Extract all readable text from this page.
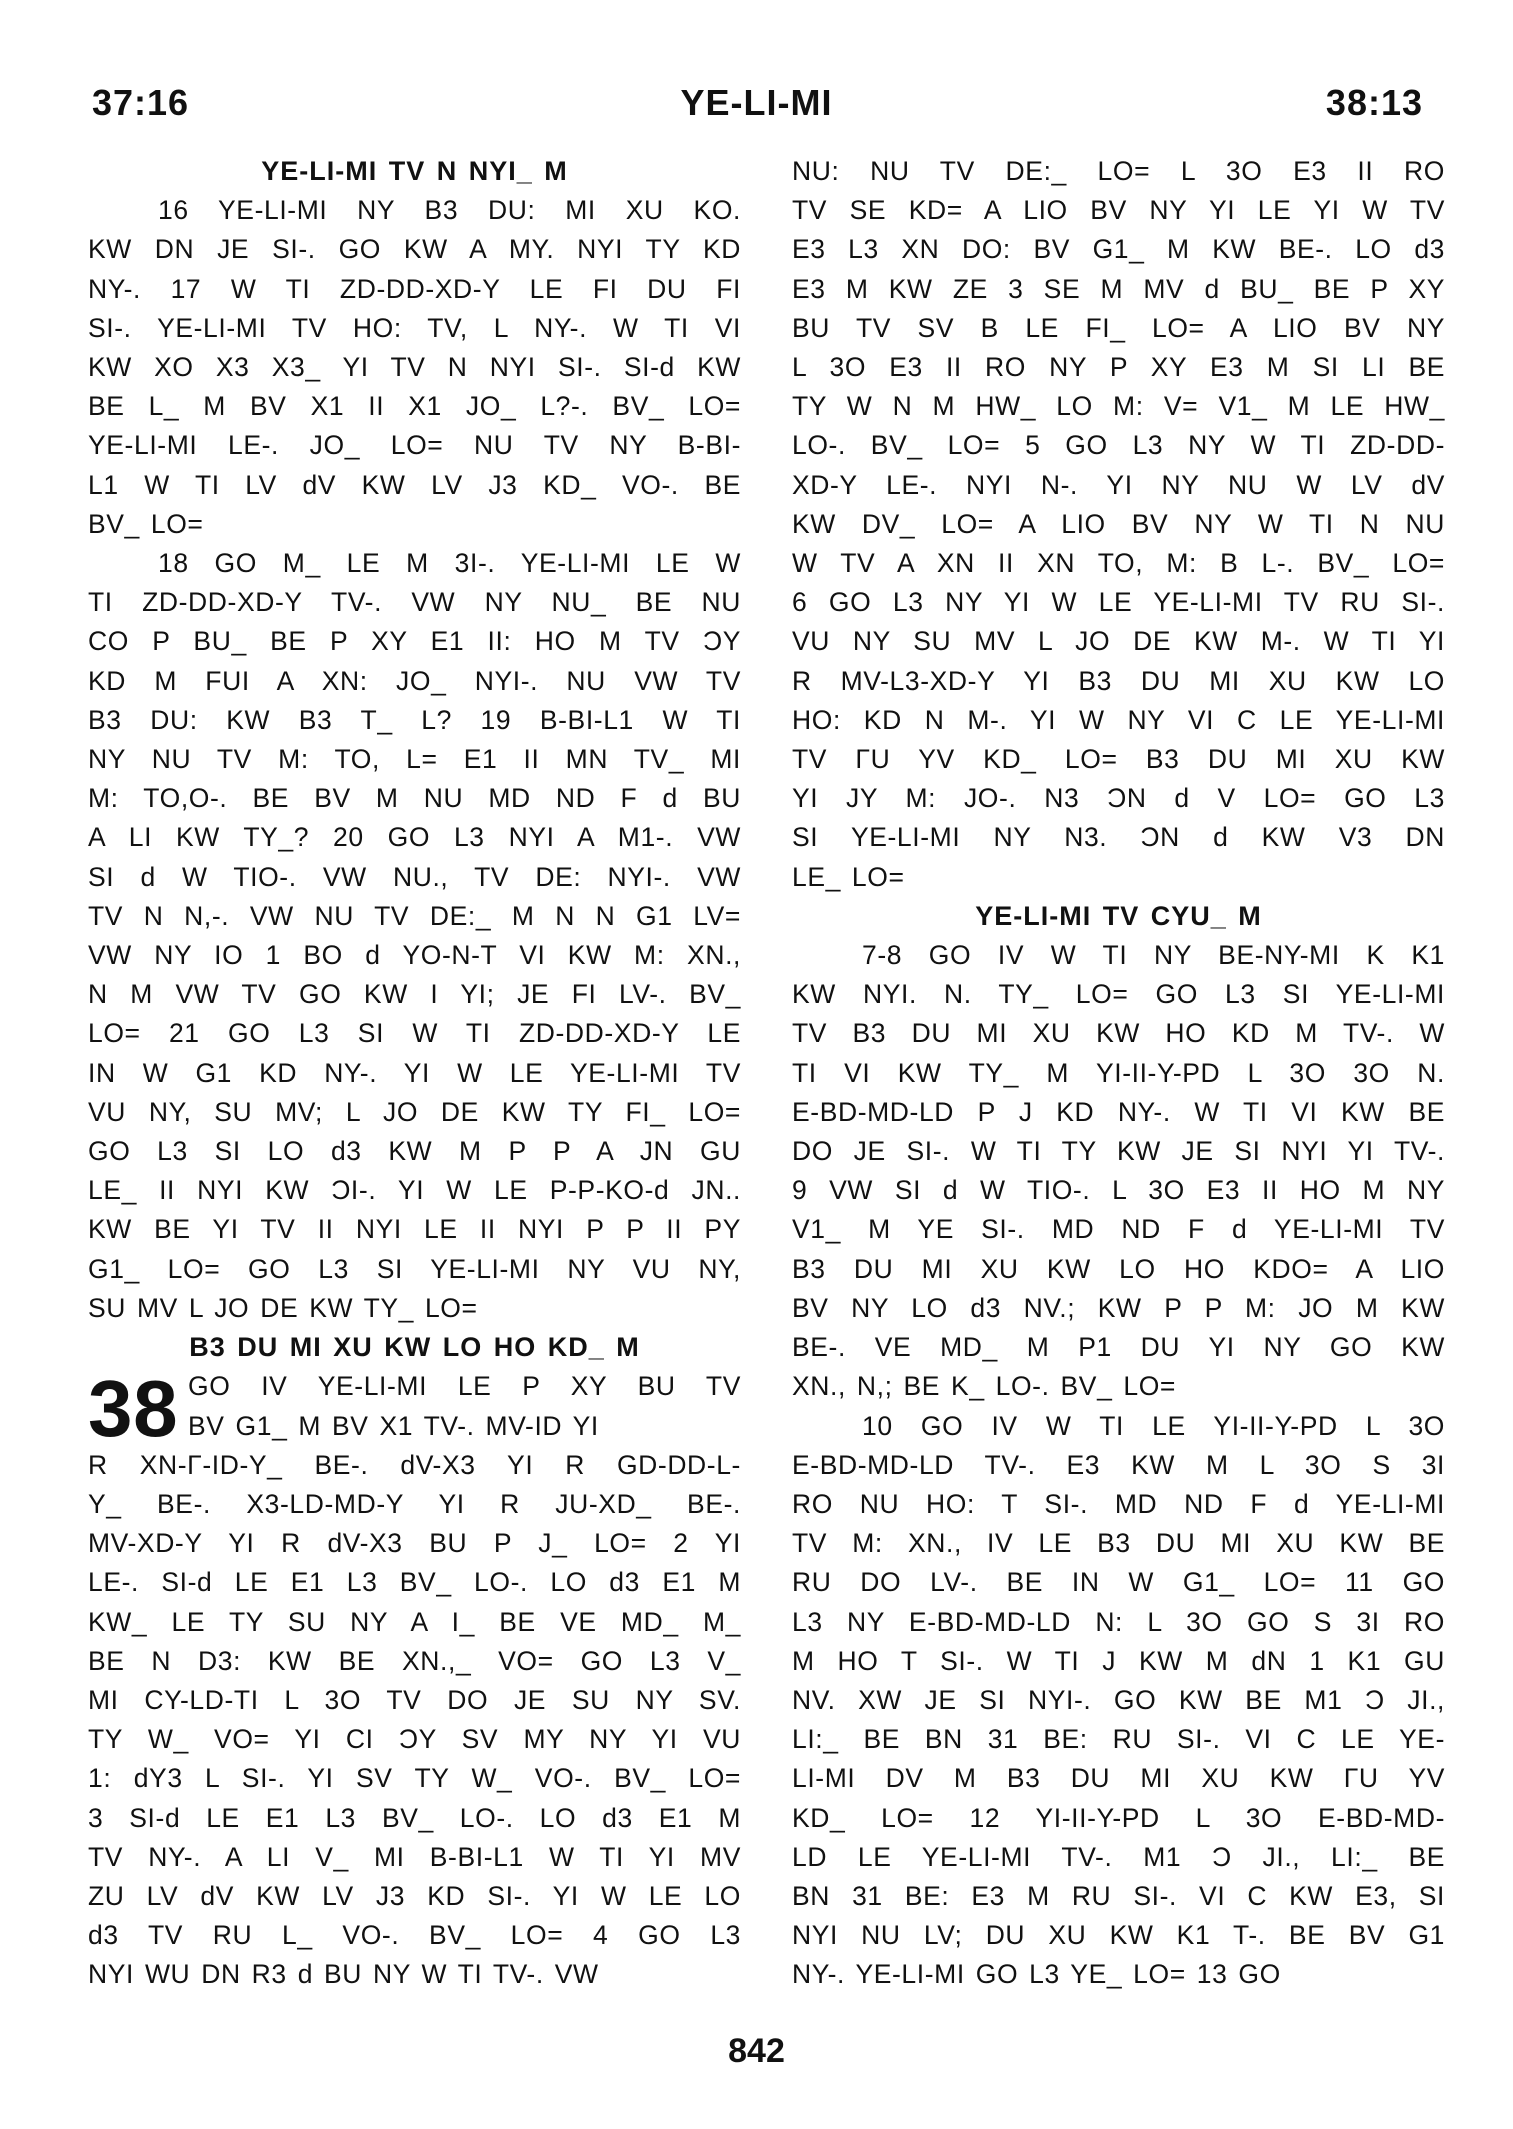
37:16	YE-LI-MI	38:13
YE-LI-MI TV N NYI_ M
16 YE-LI-MI NY B3 DU: MI XU KO.
KW DN JE SI-. GO KW A MY. NYI TY KD
NY-. 17 W TI ZD-DD-XD-Y LE FI DU FI
SI-. YE-LI-MI TV HO: TV, L NY-. W TI VI
KW XO X3 X3_ YI TV N NYI SI-. SI-d KW
BE L_ M BV X1 II X1 JO_ L?-. BV_ LO=
YE-LI-MI LE-. JO_ LO= NU TV NY B-BI-
L1 W TI LV dV KW LV J3 KD_ VO-. BE
BV_ LO=
18 GO M_ LE M 3I-. YE-LI-MI LE W
TI ZD-DD-XD-Y TV-. VW NY NU_ BE NU
CO P BU_ BE P XY E1 II: HO M TV ϽY
KD M FUI A XN: JO_ NYI-. NU VW TV
B3 DU: KW B3 T_ L? 19 B-BI-L1 W TI
NY NU TV M: TO, L= E1 II MN TV_ MI
M: TO,O-. BE BV M NU MD ND F d BU
A LI KW TY_? 20 GO L3 NYI A M1-. VW
SI d W TIO-. VW NU., TV DE: NYI-. VW
TV N N,-. VW NU TV DE:_ M N N G1 LV=
VW NY IO 1 BO d YO-N-T VI KW M: XN.,
N M VW TV GO KW I YI; JE FI LV-. BV_
LO= 21 GO L3 SI W TI ZD-DD-XD-Y LE
IN W G1 KD NY-. YI W LE YE-LI-MI TV
VU NY, SU MV; L JO DE KW TY FI_ LO=
GO L3 SI LO d3 KW M P P A JN GU
LE_ II NYI KW ϽI-. YI W LE P-P-KO-d JN..
KW BE YI TV II NYI LE II NYI P P II PY
G1_ LO= GO L3 SI YE-LI-MI NY VU NY,
SU MV L JO DE KW TY_ LO=
B3 DU MI XU KW LO HO KD_ M
38 GO IV YE-LI-MI LE P XY BU TV
BV G1_ M BV X1 TV-. MV-ID YI
R XN-Γ-ID-Y_ BE-. dV-X3 YI R GD-DD-L-
Y_ BE-. X3-LD-MD-Y YI R JU-XD_ BE-.
MV-XD-Y YI R dV-X3 BU P J_ LO= 2 YI
LE-. SI-d LE E1 L3 BV_ LO-. LO d3 E1 M
KW_ LE TY SU NY A I_ BE VE MD_ M_
BE N D3: KW BE XN.,_ VO= GO L3 V_
MI CY-LD-TI L 3O TV DO JE SU NY SV.
TY W_ VO= YI CI ϽY SV MY NY YI VU
1: dY3 L SI-. YI SV TY W_ VO-. BV_ LO=
3 SI-d LE E1 L3 BV_ LO-. LO d3 E1 M
TV NY-. A LI V_ MI B-BI-L1 W TI YI MV
ZU LV dV KW LV J3 KD SI-. YI W LE LO
d3 TV RU L_ VO-. BV_ LO= 4 GO L3
NYI WU DN R3 d BU NY W TI TV-. VW
NU: NU TV DE:_ LO= L 3O E3 II RO
TV SE KD= A LIO BV NY YI LE YI W TV
E3 L3 XN DO: BV G1_ M KW BE-. LO d3
E3 M KW ZE 3 SE M MV d BU_ BE P XY
BU TV SV B LE FI_ LO= A LIO BV NY
L 3O E3 II RO NY P XY E3 M SI LI BE
TY W N M HW_ LO M: V= V1_ M LE HW_
LO-. BV_ LO= 5 GO L3 NY W TI ZD-DD-
XD-Y LE-. NYI N-. YI NY NU W LV dV
KW DV_ LO= A LIO BV NY W TI N NU
W TV A XN II XN TO, M: B L-. BV_ LO=
6 GO L3 NY YI W LE YE-LI-MI TV RU SI-.
VU NY SU MV L JO DE KW M-. W TI YI
R MV-L3-XD-Y YI B3 DU MI XU KW LO
HO: KD N M-. YI W NY VI C LE YE-LI-MI
TV ΓU YV KD_ LO= B3 DU MI XU KW
YI JY M: JO-. N3 ϽN d V LO= GO L3
SI YE-LI-MI NY N3. ϽN d KW V3 DN
LE_ LO=
YE-LI-MI TV CYU_ M
7-8 GO IV W TI NY BE-NY-MI K K1
KW NYI. N. TY_ LO= GO L3 SI YE-LI-MI
TV B3 DU MI XU KW HO KD M TV-. W
TI VI KW TY_ M YI-II-Y-PD L 3O 3O N.
E-BD-MD-LD P J KD NY-. W TI VI KW BE
DO JE SI-. W TI TY KW JE SI NYI YI TV-.
9 VW SI d W TIO-. L 3O E3 II HO M NY
V1_ M YE SI-. MD ND F d YE-LI-MI TV
B3 DU MI XU KW LO HO KDO= A LIO
BV NY LO d3 NV.; KW P P M: JO M KW
BE-. VE MD_ M P1 DU YI NY GO KW
XN., N,; BE K_ LO-. BV_ LO=
10 GO IV W TI LE YI-II-Y-PD L 3O
E-BD-MD-LD TV-. E3 KW M L 3O S 3I
RO NU HO: T SI-. MD ND F d YE-LI-MI
TV M: XN., IV LE B3 DU MI XU KW BE
RU DO LV-. BE IN W G1_ LO= 11 GO
L3 NY E-BD-MD-LD N: L 3O GO S 3I RO
M HO T SI-. W TI J KW M dN 1 K1 GU
NV. XW JE SI NYI-. GO KW BE M1 Ͻ JI.,
LI:_ BE BN 31 BE: RU SI-. VI C LE YE-
LI-MI DV M B3 DU MI XU KW ΓU YV
KD_ LO= 12 YI-II-Y-PD L 3O E-BD-MD-
LD LE YE-LI-MI TV-. M1 Ͻ JI., LI:_ BE
BN 31 BE: E3 M RU SI-. VI C KW E3, SI
NYI NU LV; DU XU KW K1 T-. BE BV G1
NY-. YE-LI-MI GO L3 YE_ LO= 13 GO
842
